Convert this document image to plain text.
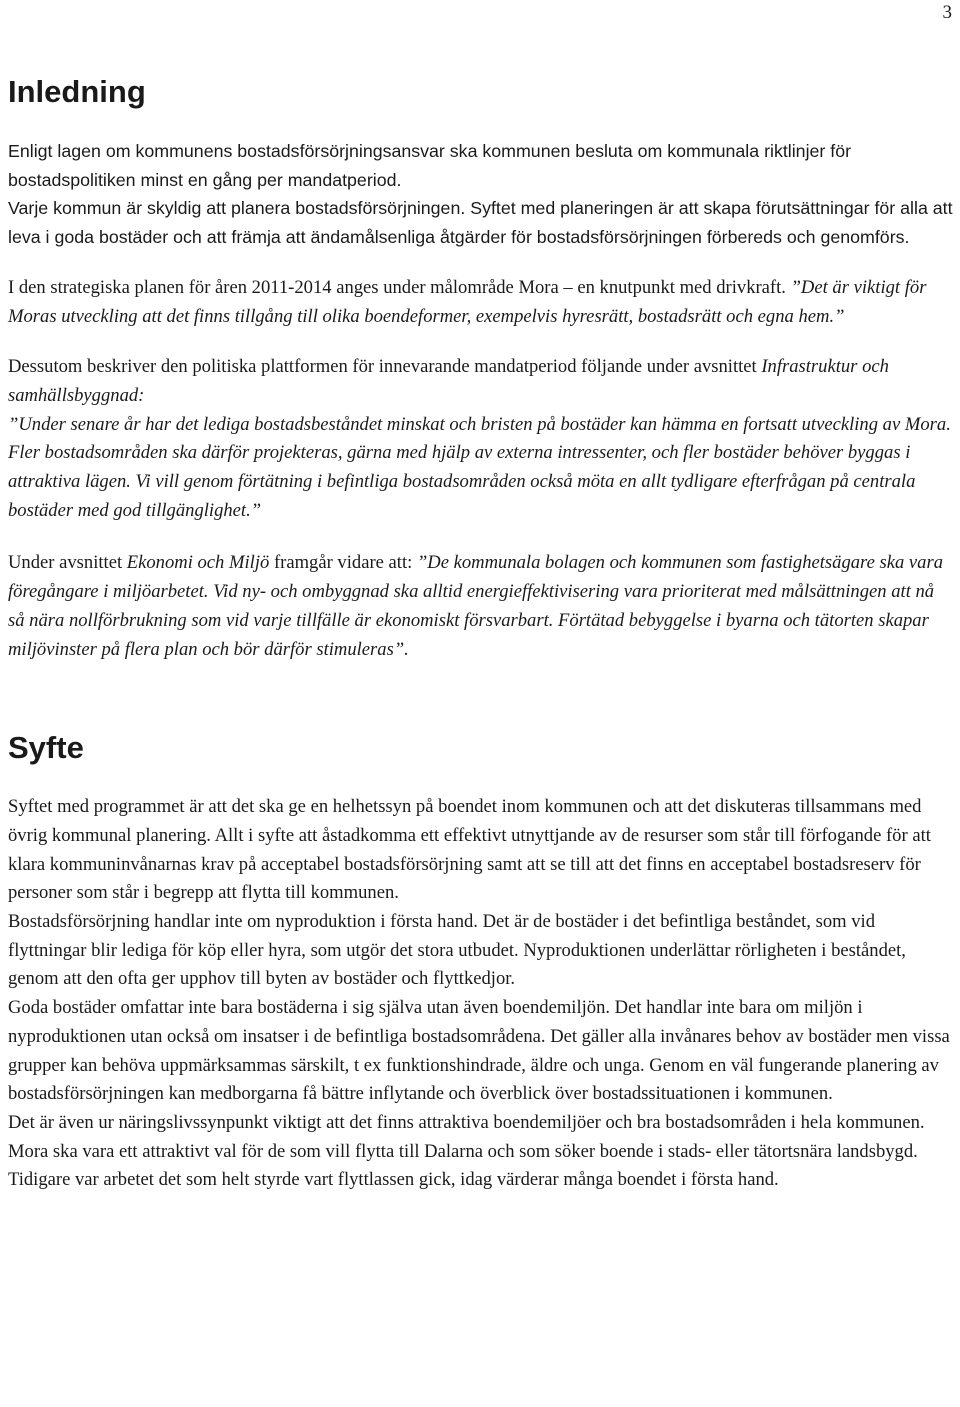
3
Inledning

Enligt lagen om kommunens bostadsförsörjningsansvar ska kommunen besluta om kommunala riktlinjer för bostadspolitiken minst en gång per mandatperiod.
Varje kommun är skyldig att planera bostadsförsörjningen. Syftet med planeringen är att skapa förutsättningar för alla att leva i goda bostäder och att främja att ändamålsenliga åtgärder för bostadsförsörjningen förbereds och genomförs.

I den strategiska planen för åren 2011-2014 anges under målområde Mora – en knutpunkt med drivkraft. ”Det är viktigt för Moras utveckling att det finns tillgång till olika boendeformer, exempelvis hyresrätt, bostadsrätt och egna hem.”

Dessutom beskriver den politiska plattformen för innevarande mandatperiod följande under avsnittet Infrastruktur och samhällsbyggnad:
”Under senare år har det lediga bostadsbeståndet minskat och bristen på bostäder kan hämma en fortsatt utveckling av Mora. Fler bostadsområden ska därför projekteras, gärna med hjälp av externa intressenter, och fler bostäder behöver byggas i attraktiva lägen. Vi vill genom förtätning i befintliga bostadsområden också möta en allt tydligare efterfrågan på centrala bostäder med god tillgänglighet.”

Under avsnittet Ekonomi och Miljö framgår vidare att: ”De kommunala bolagen och kommunen som fastighetsägare ska vara föregångare i miljöarbetet. Vid ny- och ombyggnad ska alltid energieffektivisering vara prioriterat med målsättningen att nå så nära nollförbrukning som vid varje tillfälle är ekonomiskt försvarbart. Förtätad bebyggelse i byarna och tätorten skapar miljövinster på flera plan och bör därför stimuleras”.

Syfte

Syftet med programmet är att det ska ge en helhetssyn på boendet inom kommunen och att det diskuteras tillsammans med övrig kommunal planering. Allt i syfte att åstadkomma ett effektivt utnyttjande av de resurser som står till förfogande för att klara kommuninvånarnas krav på acceptabel bostadsförsörjning samt att se till att det finns en acceptabel bostadsreserv för personer som står i begrepp att flytta till kommunen.

Bostadsförsörjning handlar inte om nyproduktion i första hand. Det är de bostäder i det befintliga beståndet, som vid flyttningar blir lediga för köp eller hyra, som utgör det stora utbudet. Nyproduktionen underlättar rörligheten i beståndet, genom att den ofta ger upphov till byten av bostäder och flyttkedjor.

Goda bostäder omfattar inte bara bostäderna i sig själva utan även boendemiljön. Det handlar inte bara om miljön i nyproduktionen utan också om insatser i de befintliga bostadsområdena. Det gäller alla invånares behov av bostäder men vissa grupper kan behöva uppmärksammas särskilt, t ex funktionshindrade, äldre och unga. Genom en väl fungerande planering av bostadsförsörjningen kan medborgarna få bättre inflytande och överblick över bostadssituationen i kommunen.

Det är även ur näringslivssynpunkt viktigt att det finns attraktiva boendemiljöer och bra bostadsområden i hela kommunen. Mora ska vara ett attraktivt val för de som vill flytta till Dalarna och som söker boende i stads- eller tätortsnära landsbygd. Tidigare var arbetet det som helt styrde vart flyttlassen gick, idag värderar många boendet i första hand.
